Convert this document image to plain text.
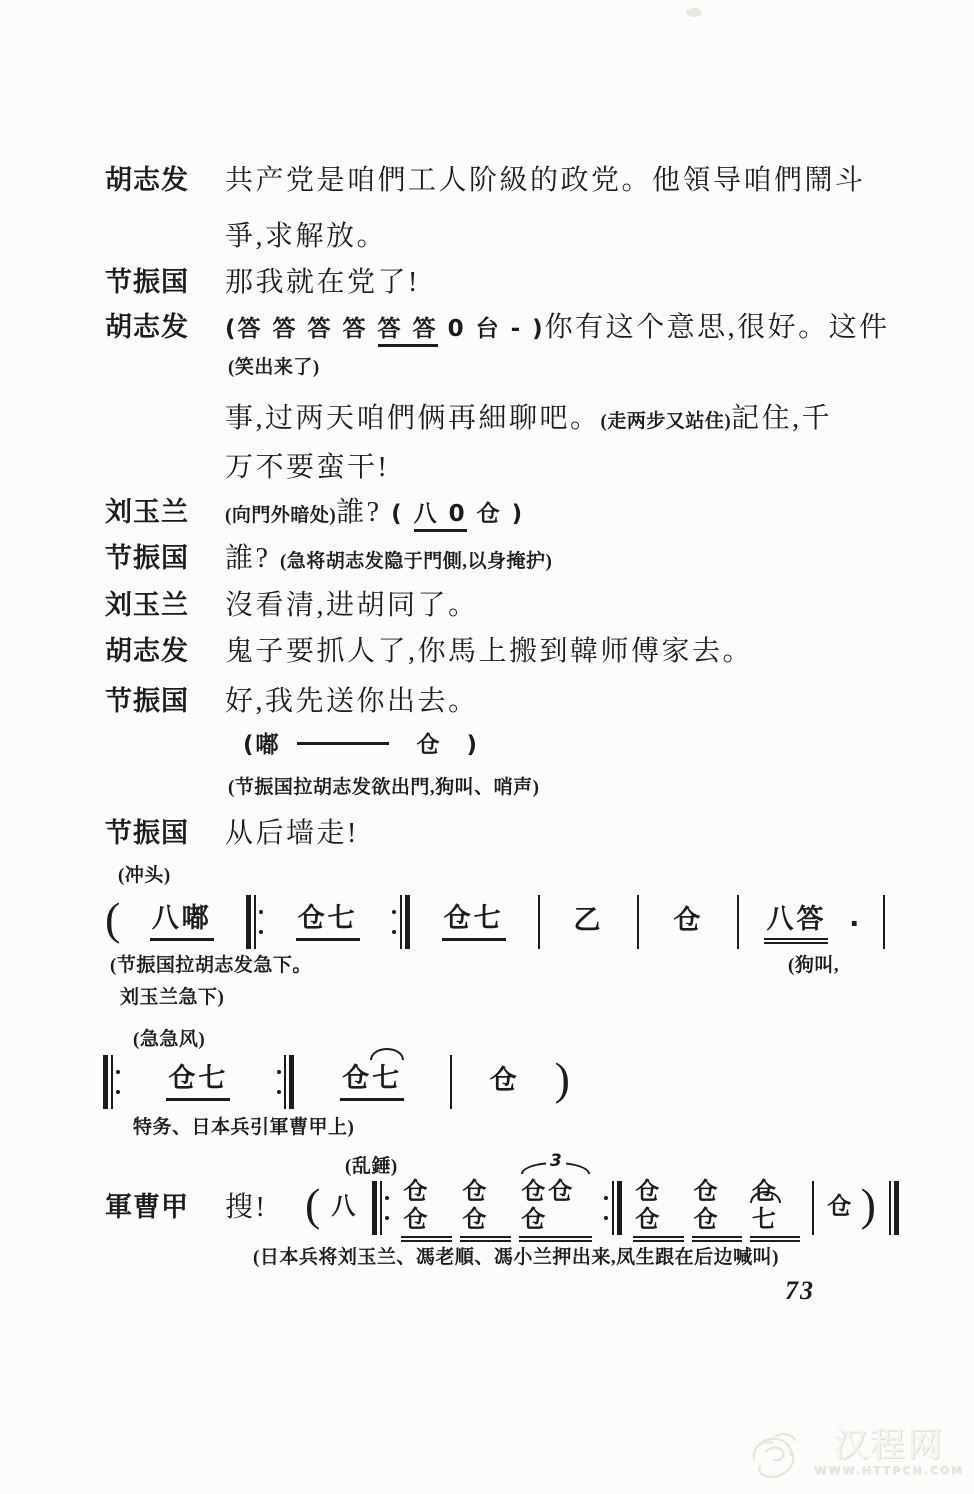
胡志发 共产党是咱們工人阶級的政党。他領导咱們鬧斗
爭,求解放。
节振国 那我就在党了!
胡志发 (答 答 答 答 答 答 0 台 - )你有这个意思,很好。这件
(笑出来了)
事,过两天咱們俩再細聊吧。(走两步又站住)記住,千
万不要蛮干!
刘玉兰 (向門外暗处)誰? ( 八 0 仓 )
节振国 誰? (急将胡志发隐于門側,以身掩护)
刘玉兰 沒看清,进胡同了。
胡志发 鬼子要抓人了,你馬上搬到韓师傅家去。
节振国 好,我先送你出去。
(嘟	仓　)
(节振国拉胡志发欲出門,狗叫、哨声)
节振国 从后墙走!
(冲头)
(节振国拉胡志发急下。	(狗叫,
刘玉兰急下)
(急急风)
特务、日本兵引軍曹甲上)
(乱錘)
軍曹甲 搜!
(日本兵将刘玉兰、馮老順、馮小兰押出来,凤生跟在后边喊叫)
( 八嘟	仓七	仓七	乙	仓 八答 ·
仓七	仓七	仓 )
( 八
仓仓
仓仓
3
仓仓仓
仓仓
仓仓
仓七	仓 )
73
汉程网
WWW.HTTPCN.COM
